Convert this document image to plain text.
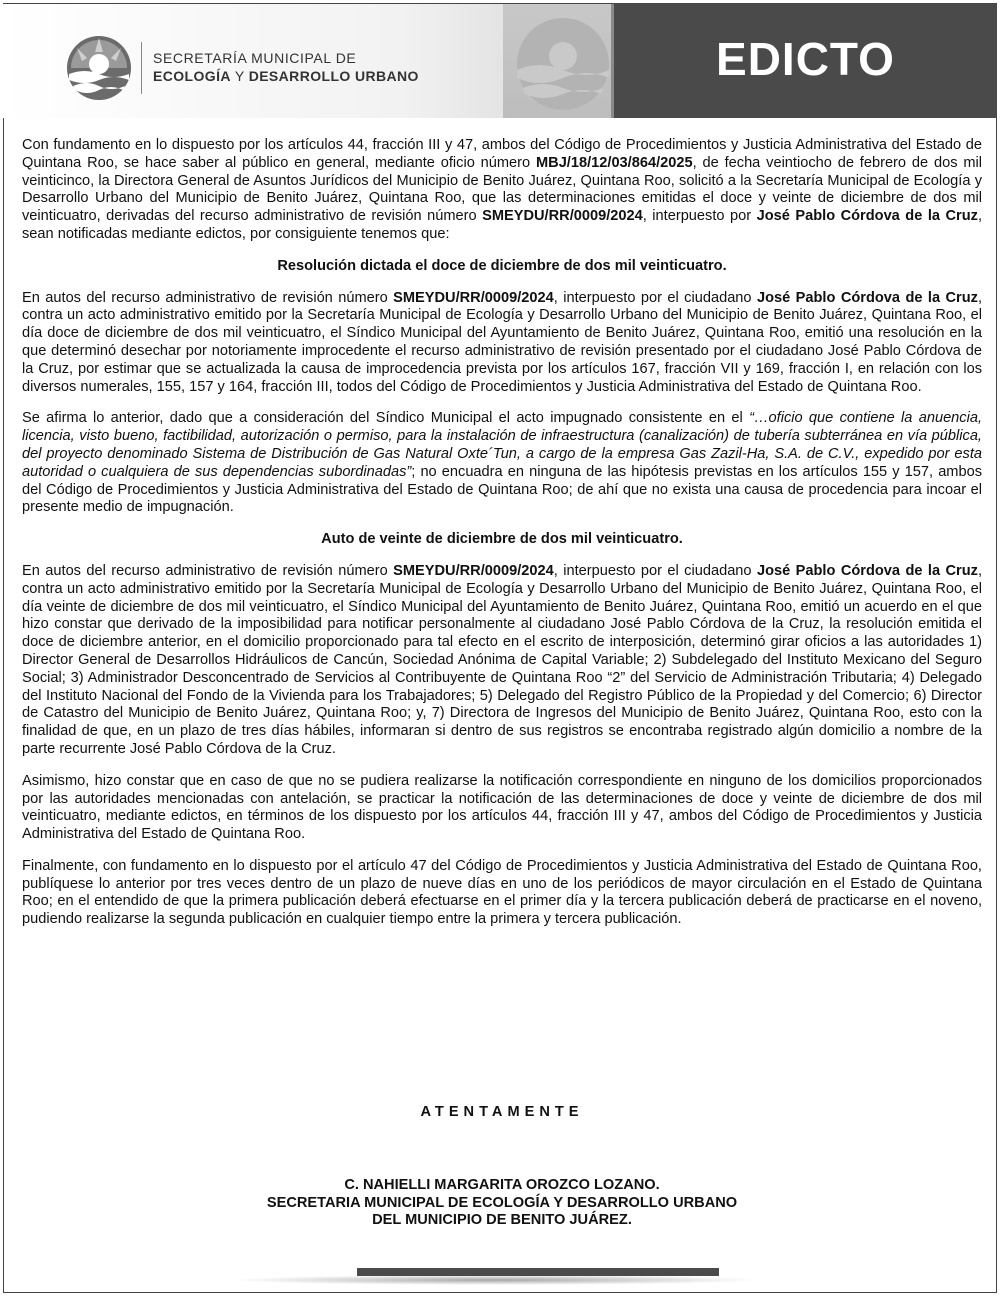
SECRETARÍA MUNICIPAL DE
ECOLOGÍA Y DESARROLLO URBANO	EDICTO

Con fundamento en lo dispuesto por los artículos 44, fracción III y 47, ambos del Código de Procedimientos y Justicia Administrativa del Estado de Quintana Roo, se hace saber al público en general, mediante oficio número MBJ/18/12/03/864/2025, de fecha veintiocho de febrero de dos mil veinticinco, la Directora General de Asuntos Jurídicos del Municipio de Benito Juárez, Quintana Roo, solicitó a la Secretaría Municipal de Ecología y Desarrollo Urbano del Municipio de Benito Juárez, Quintana Roo, que las determinaciones emitidas el doce y veinte de diciembre de dos mil veinticuatro, derivadas del recurso administrativo de revisión número SMEYDU/RR/0009/2024, interpuesto por José Pablo Córdova de la Cruz, sean notificadas mediante edictos, por consiguiente tenemos que:

Resolución dictada el doce de diciembre de dos mil veinticuatro.

En autos del recurso administrativo de revisión número SMEYDU/RR/0009/2024, interpuesto por el ciudadano José Pablo Córdova de la Cruz, contra un acto administrativo emitido por la Secretaría Municipal de Ecología y Desarrollo Urbano del Municipio de Benito Juárez, Quintana Roo, el día doce de diciembre de dos mil veinticuatro, el Síndico Municipal del Ayuntamiento de Benito Juárez, Quintana Roo, emitió una resolución en la que determinó desechar por notoriamente improcedente el recurso administrativo de revisión presentado por el ciudadano José Pablo Córdova de la Cruz, por estimar que se actualizada la causa de improcedencia prevista por los artículos 167, fracción VII y 169, fracción I, en relación con los diversos numerales, 155, 157 y 164, fracción III, todos del Código de Procedimientos y Justicia Administrativa del Estado de Quintana Roo.

Se afirma lo anterior, dado que a consideración del Síndico Municipal el acto impugnado consistente en el “…oficio que contiene la anuencia, licencia, visto bueno, factibilidad, autorización o permiso, para la instalación de infraestructura (canalización) de tubería subterránea en vía pública, del proyecto denominado Sistema de Distribución de Gas Natural Oxte´Tun, a cargo de la empresa Gas Zazil-Ha, S.A. de C.V., expedido por esta autoridad o cualquiera de sus dependencias subordinadas”; no encuadra en ninguna de las hipótesis previstas en los artículos 155 y 157, ambos del Código de Procedimientos y Justicia Administrativa del Estado de Quintana Roo; de ahí que no exista una causa de procedencia para incoar el presente medio de impugnación.

Auto de veinte de diciembre de dos mil veinticuatro.

En autos del recurso administrativo de revisión número SMEYDU/RR/0009/2024, interpuesto por el ciudadano José Pablo Córdova de la Cruz, contra un acto administrativo emitido por la Secretaría Municipal de Ecología y Desarrollo Urbano del Municipio de Benito Juárez, Quintana Roo, el día veinte de diciembre de dos mil veinticuatro, el Síndico Municipal del Ayuntamiento de Benito Juárez, Quintana Roo, emitió un acuerdo en el que hizo constar que derivado de la imposibilidad para notificar personalmente al ciudadano José Pablo Córdova de la Cruz, la resolución emitida el doce de diciembre anterior, en el domicilio proporcionado para tal efecto en el escrito de interposición, determinó girar oficios a las autoridades 1) Director General de Desarrollos Hidráulicos de Cancún, Sociedad Anónima de Capital Variable; 2) Subdelegado del Instituto Mexicano del Seguro Social; 3) Administrador Desconcentrado de Servicios al Contribuyente de Quintana Roo “2” del Servicio de Administración Tributaria; 4) Delegado del Instituto Nacional del Fondo de la Vivienda para los Trabajadores; 5) Delegado del Registro Público de la Propiedad y del Comercio; 6) Director de Catastro del Municipio de Benito Juárez, Quintana Roo; y, 7) Directora de Ingresos del Municipio de Benito Juárez, Quintana Roo, esto con la finalidad de que, en un plazo de tres días hábiles, informaran si dentro de sus registros se encontraba registrado algún domicilio a nombre de la parte recurrente José Pablo Córdova de la Cruz.

Asimismo, hizo constar que en caso de que no se pudiera realizarse la notificación correspondiente en ninguno de los domicilios proporcionados por las autoridades mencionadas con antelación, se practicar la notificación de las determinaciones de doce y veinte de diciembre de dos mil veinticuatro, mediante edictos, en términos de los dispuesto por los artículos 44, fracción III y 47, ambos del Código de Procedimientos y Justicia Administrativa del Estado de Quintana Roo.

Finalmente, con fundamento en lo dispuesto por el artículo 47 del Código de Procedimientos y Justicia Administrativa del Estado de Quintana Roo, publíquese lo anterior por tres veces dentro de un plazo de nueve días en uno de los periódicos de mayor circulación en el Estado de Quintana Roo; en el entendido de que la primera publicación deberá efectuarse en el primer día y la tercera publicación deberá de practicarse en el noveno, pudiendo realizarse la segunda publicación en cualquier tiempo entre la primera y tercera publicación.

ATENTAMENTE
C. NAHIELLI MARGARITA OROZCO LOZANO.
SECRETARIA MUNICIPAL DE ECOLOGÍA Y DESARROLLO URBANO
DEL MUNICIPIO DE BENITO JUÁREZ.
